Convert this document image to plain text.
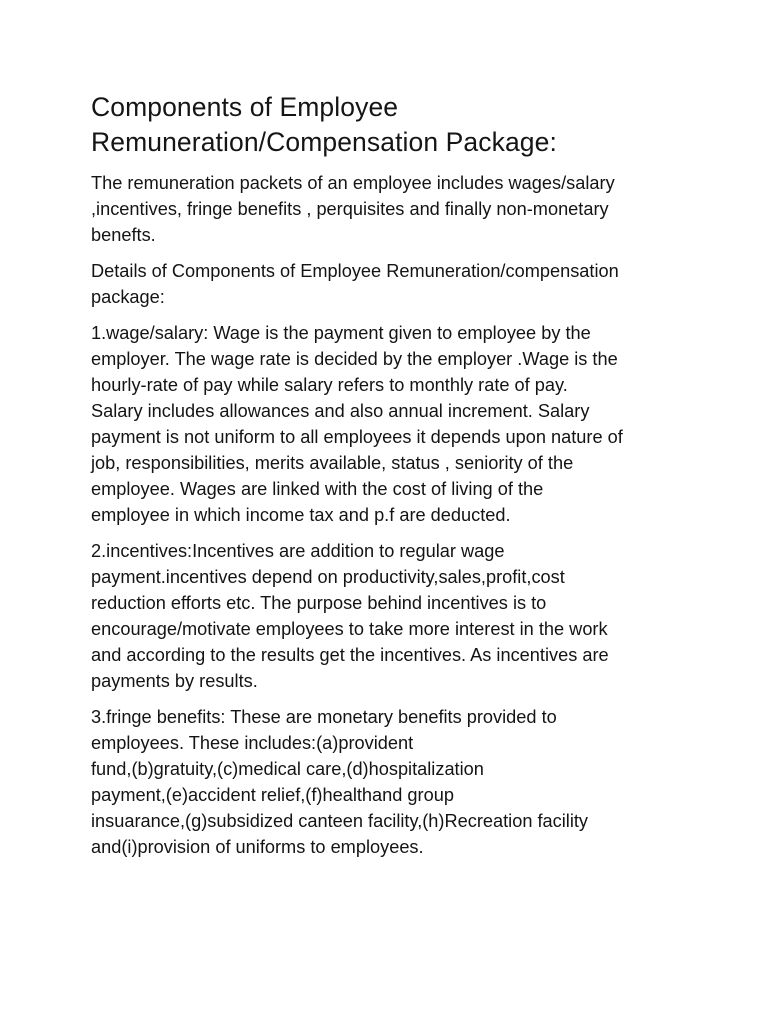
Components of Employee
Remuneration/Compensation Package:

The remuneration packets of an employee includes wages/salary
,incentives, fringe benefits , perquisites and finally non-monetary
benefts.

Details of Components of Employee Remuneration/compensation
package:

1.wage/salary: Wage is the payment given to employee by the
employer. The wage rate is decided by the employer .Wage is the
hourly-rate of pay while salary refers to monthly rate of pay.
Salary includes allowances and also annual increment. Salary
payment is not uniform to all employees it depends upon nature of
job, responsibilities, merits available, status , seniority of the
employee. Wages are linked with the cost of living of the
employee in which income tax and p.f are deducted.

2.incentives:Incentives are addition to regular wage
payment.incentives depend on productivity,sales,profit,cost
reduction efforts etc. The purpose behind incentives is to
encourage/motivate employees to take more interest in the work
and according to the results get the incentives. As incentives are
payments by results.

3.fringe benefits: These are monetary benefits provided to
employees. These includes:(a)provident
fund,(b)gratuity,(c)medical care,(d)hospitalization
payment,(e)accident relief,(f)healthand group
insuarance,(g)subsidized canteen facility,(h)Recreation facility
and(i)provision of uniforms to employees.
